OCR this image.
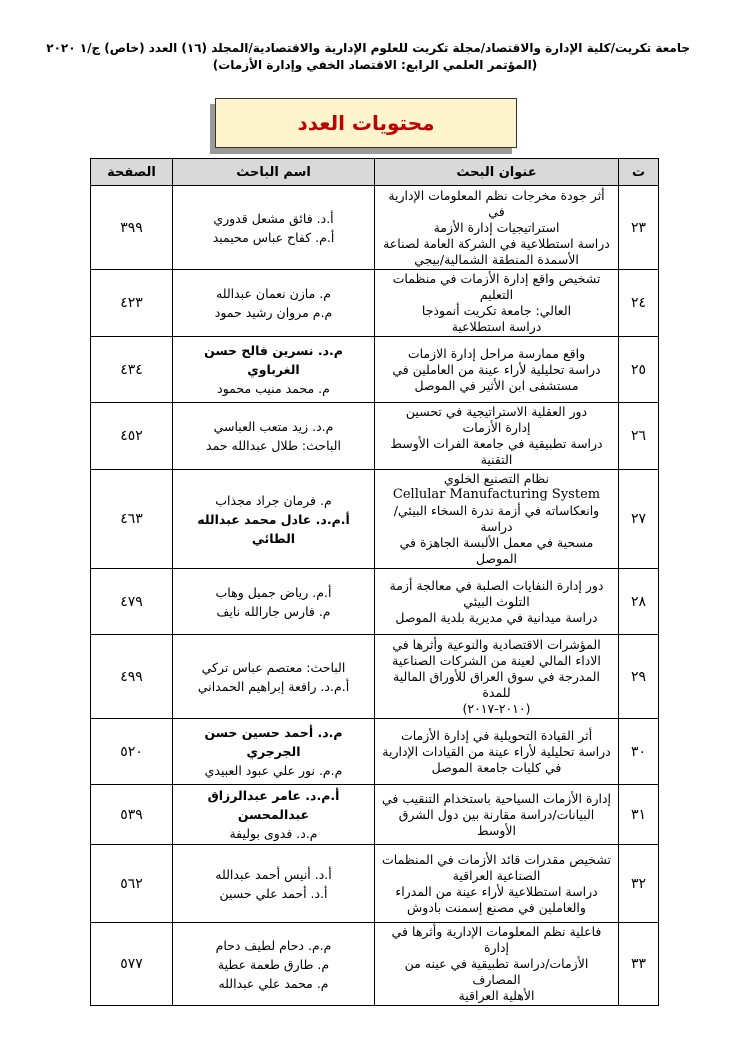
جامعة تكريت/كلية الإدارة والاقتصاد/مجلة تكريت للعلوم الإدارية والاقتصادية/المجلد (١٦) العدد (خاص) ج/١ ٢٠٢٠
(المؤتمر العلمي الرابع: الاقتصاد الخفي وإدارة الأزمات)
محتويات العدد
ت	عنوان البحث	اسم الباحث	الصفحة
٢٣	أثر جودة مخرجات نظم المعلومات الإدارية في
استراتيجيات إدارة الأزمة
دراسة استطلاعية في الشركة العامة لصناعة
الأسمدة المنطقة الشمالية/بيجي	أ.د. فائق مشعل قدوري
أ.م. كفاح عباس محيميد	٣٩٩
٢٤	تشخيص واقع إدارة الأزمات في منظمات التعليم
العالي: جامعة تكريت أنموذجا
دراسة استطلاعية	م. مازن نعمان عبدالله
م.م مروان رشيد حمود	٤٢٣
٢٥	واقع ممارسة مراحل إدارة الازمات
دراسة تحليلية لأراء عينة من العاملين في
مستشفى ابن الأثير في الموصل	م.د. نسرين فالح حسن الغرباوي
م. محمد منيب محمود	٤٣٤
٢٦	دور العقلية الاستراتيجية في تحسين
إدارة الأزمات
دراسة تطبيقية في جامعة الفرات الأوسط التقنية	م.د. زيد متعب العباسي
الباحث: طلال عبدالله حمد	٤٥٢
٢٧	نظام التصنيع الخلوي
Cellular Manufacturing System
وانعكاساته في أزمة ندرة السخاء البيئي/دراسة
مسحية في معمل الألبسة الجاهزة في الموصل	م. فرمان جراد مجذاب
أ.م.د. عادل محمد عبدالله الطائي	٤٦٣
٢٨	دور إدارة النفايات الصلبة في معالجة أزمة
التلوث البيئي
دراسة ميدانية في مديرية بلدية الموصل	أ.م. رياض جميل وهاب
م. فارس جارالله نايف	٤٧٩
٢٩	المؤشرات الاقتصادية والنوعية وأثرها في
الاداء المالي لعينة من الشركات الصناعية
المدرجة في سوق العراق للأوراق المالية للمدة
(٢٠١٠-٢٠١٧)	الباحث: معتصم عباس تركي
أ.م.د. رافعة إبراهيم الحمداني	٤٩٩
٣٠	أثر القيادة التحويلية في إدارة الأزمات
دراسة تحليلية لأراء عينة من القيادات الإدارية
في كليات جامعة الموصل	م.د. أحمد حسين حسن الجرجري
م.م. نور علي عبود العبيدي	٥٢٠
٣١	إدارة الأزمات السياحية باستخدام التنقيب في
البيانات/دراسة مقارنة بين دول الشرق الأوسط	أ.م.د. عامر عبدالرزاق عبدالمحسن
م.د. فدوى بوليفة	٥٣٩
٣٢	تشخيص مقدرات قائد الأزمات في المنظمات
الصناعية العراقية
دراسة استطلاعية لأراء عينة من المدراء
والعاملين في مصنع إسمنت بادوش	أ.د. أنيس أحمد عبدالله
أ.د. أحمد علي حسين	٥٦٢
٣٣	فاعلية نظم المعلومات الإدارية وأثرها في إدارة
الأزمات/دراسة تطبيقية في عينه من المصارف
الأهلية العراقية	م.م. دحام لطيف دحام
م. طارق طعمة عطية
م. محمد علي عبدالله	٥٧٧
